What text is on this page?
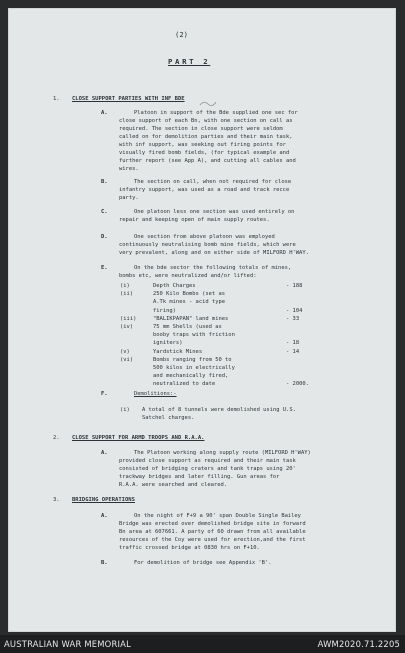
(2)
PART 2
1. CLOSE SUPPORT PARTIES WITH INF BDE
A.	Platoon in support of the Bde supplied one sec for
close support of each Bn, with one section on call as
required. The section in close support were seldom
called on for demolition parties and their main task,
with inf support, was seeking out firing points for
visually fired bomb fields, (for typical example and
further report (see App A), and cutting all cables and
wires.
B.	The section on call, when not required for close
infantry support, was used as a road and track recce
party.
C.	One platoon less one section was used entirely on
repair and keeping open of main supply routes.
D.	One section from above platoon was employed
continuously neutralising bomb mine fields, which were
very prevalent, along and on either side of MILFORD H'WAY.
E.	On the bde sector the following totals of mines,
bombs etc, were neutralized and/or lifted:
(i)	Depth Charges	- 188
(ii)	250 Kilo Bombs (set as
A.Tk mines - acid type
firing)	- 104
(iii)	"BALIKPAPAN" land mines	- 33
(iv)	75 mm Shells (used as
booby traps with friction
igniters)	- 18
(v)	Yardstick Mines	- 14
(vi)	Bombs ranging from 50 to
500 kilos in electrically
and mechanically fired,
neutralized to date	- 2000.
F.	Demolitions:-
(i) A total of 8 tunnels were demolished using U.S.
Satchel charges.
2. CLOSE SUPPORT FOR ARMD TROOPS AND R.A.A.
A.	The Platoon working along supply route (MILFORD H'WAY)
provided close support as required and their main task
consisted of bridging craters and tank traps using 20'
trackway bridges and later filling. Gun areas for
R.A.A. were searched and cleared.
3. BRIDGING OPERATIONS
A.	On the night of F+9 a 90' span Double Single Bailey
Bridge was erected over demolished bridge site in forward
Bn area at 607661. A party of 60 drawn from all available
resources of the Coy were used for erection,and the first
traffic crossed bridge at 0830 hrs on F+10.
B.	For demolition of bridge see Appendix 'B'.
AUSTRALIAN WAR MEMORIAL	AWM2020.71.2205
